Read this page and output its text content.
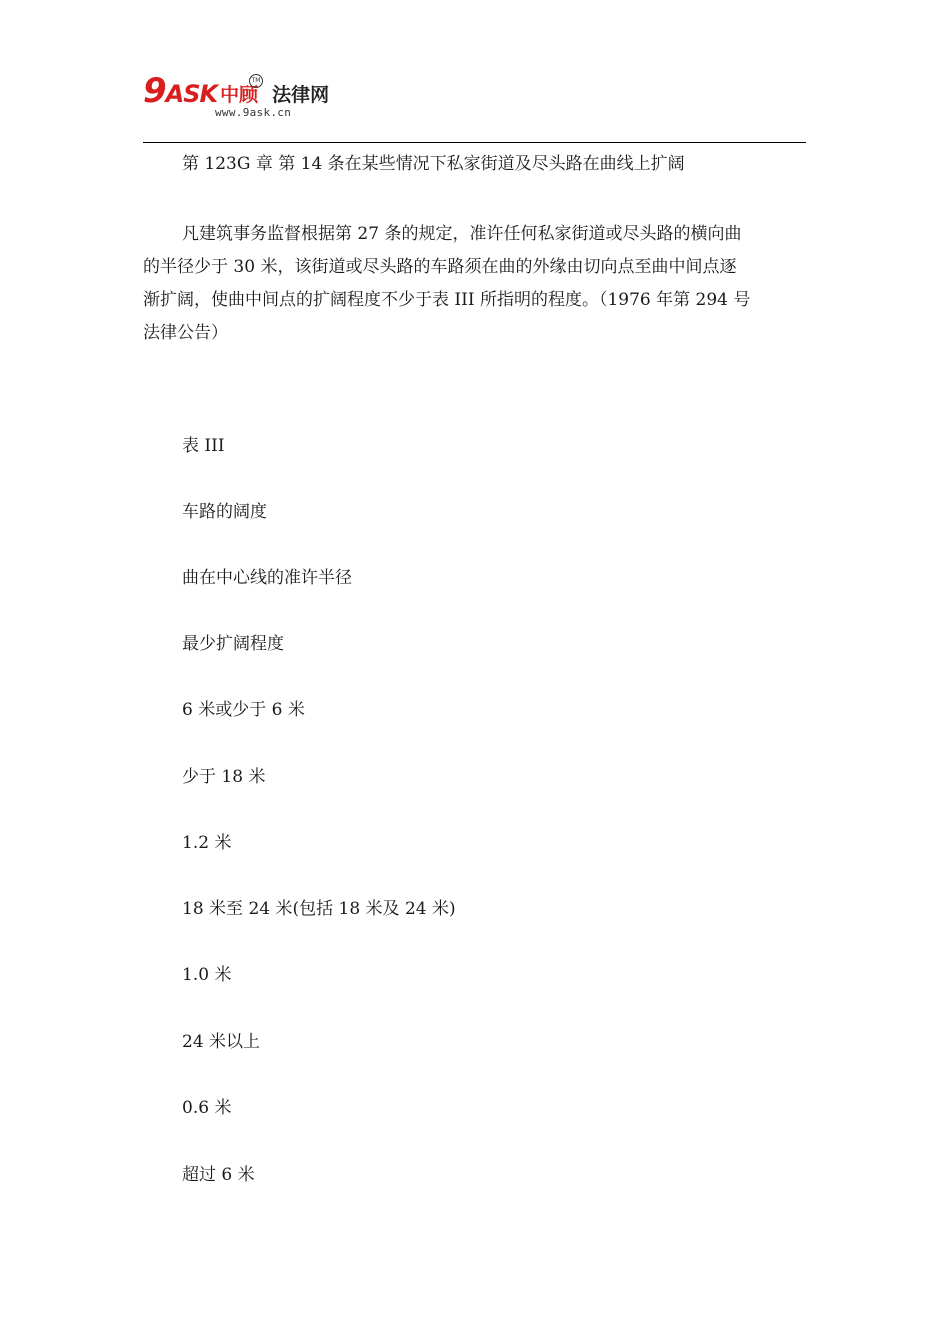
9 ASK 中顾 法律网
TM
www.9ask.cn

第 123G 章 第 14 条在某些情况下私家街道及尽头路在曲线上扩阔

凡建筑事务监督根据第 27 条的规定，准许任何私家街道或尽头路的横向曲
的半径少于 30 米，该街道或尽头路的车路须在曲的外缘由切向点至曲中间点逐
渐扩阔，使曲中间点的扩阔程度不少于表 III 所指明的程度。（1976 年第 294 号
法律公告）

表 III

车路的阔度

曲在中心线的准许半径

最少扩阔程度

6 米或少于 6 米

少于 18 米

1.2 米

18 米至 24 米(包括 18 米及 24 米)

1.0 米

24 米以上

0.6 米

超过 6 米
